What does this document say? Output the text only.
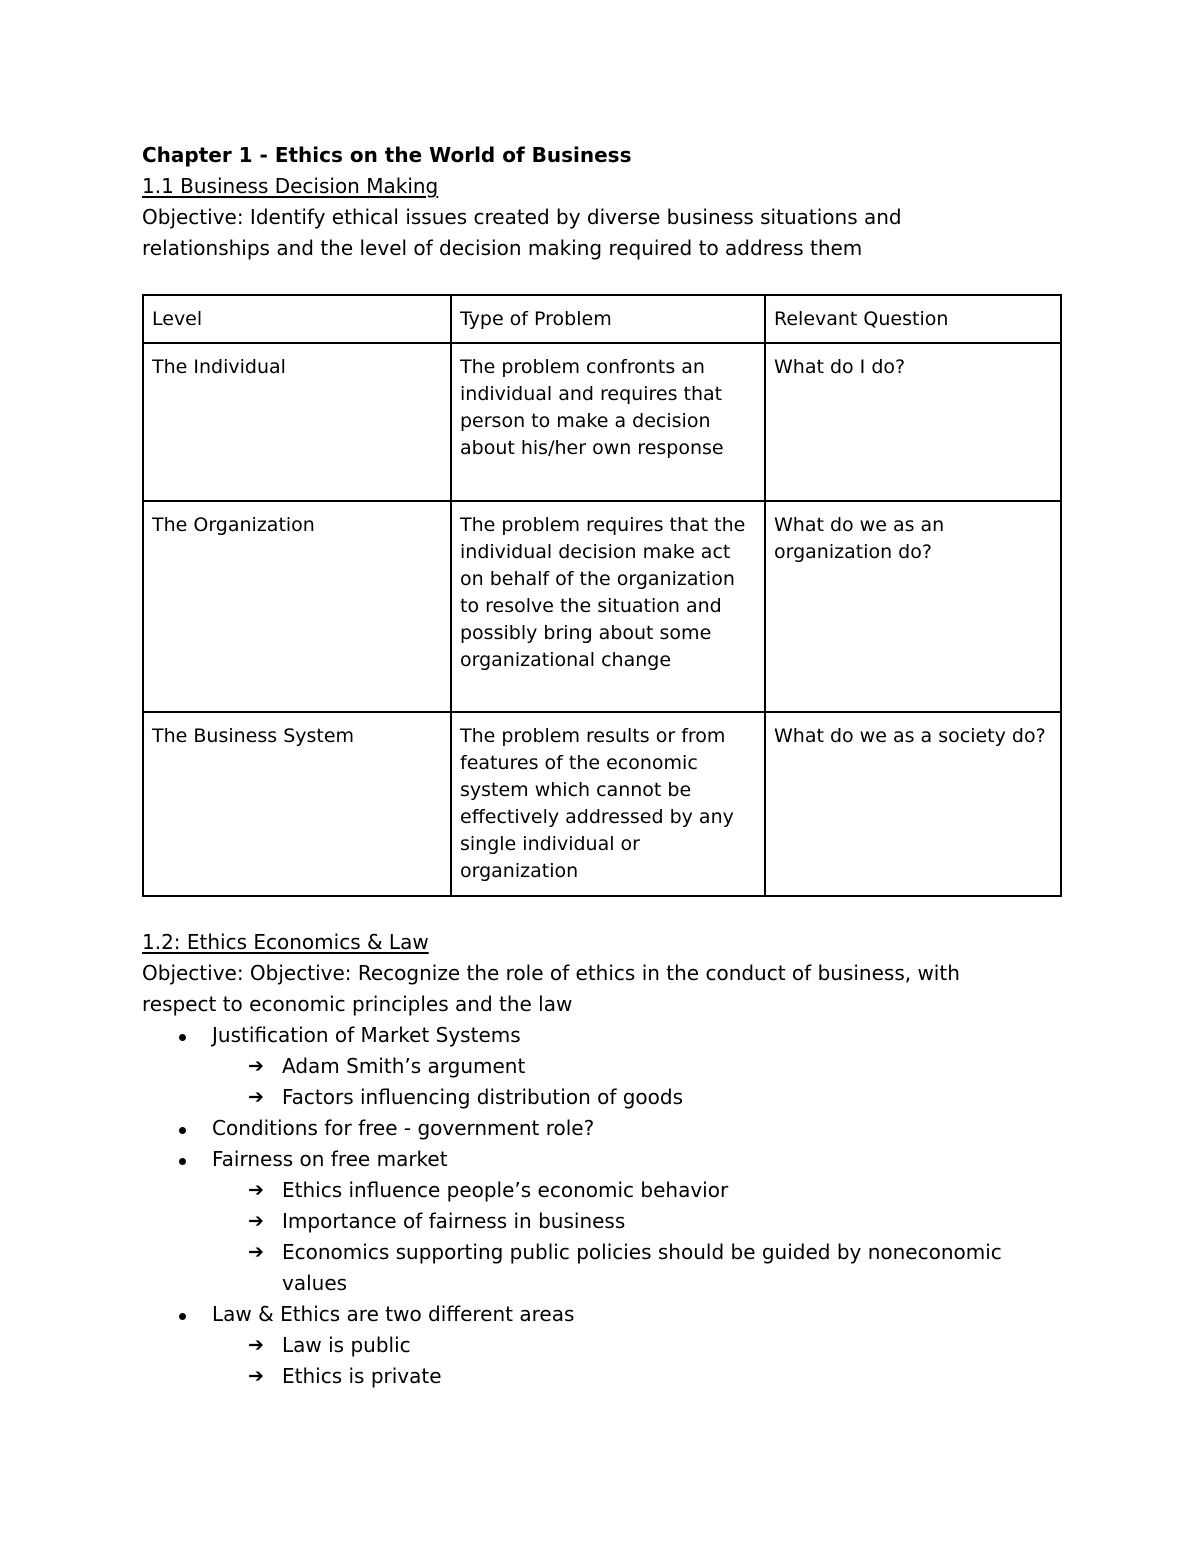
Chapter 1 - Ethics on the World of Business

1.1 Business Decision Making

Objective: Identify ethical issues created by diverse business situations and relationships and the level of decision making required to address them

Level	Type of Problem	Relevant Question
The Individual	The problem confronts an individual and requires that person to make a decision about his/her own response	What do I do?
The Organization	The problem requires that the individual decision make act on behalf of the organization to resolve the situation and possibly bring about some organizational change	What do we as an organization do?
The Business System	The problem results or from features of the economic system which cannot be effectively addressed by any single individual or organization	What do we as a society do?

1.2: Ethics Economics & Law

Objective: Objective: Recognize the role of ethics in the conduct of business, with respect to economic principles and the law

Justification of Market Systems
➔ Adam Smith’s argument
➔ Factors influencing distribution of goods
Conditions for free - government role?
Fairness on free market
➔ Ethics influence people’s economic behavior
➔ Importance of fairness in business
➔ Economics supporting public policies should be guided by noneconomic values
Law & Ethics are two different areas
➔ Law is public
➔ Ethics is private
